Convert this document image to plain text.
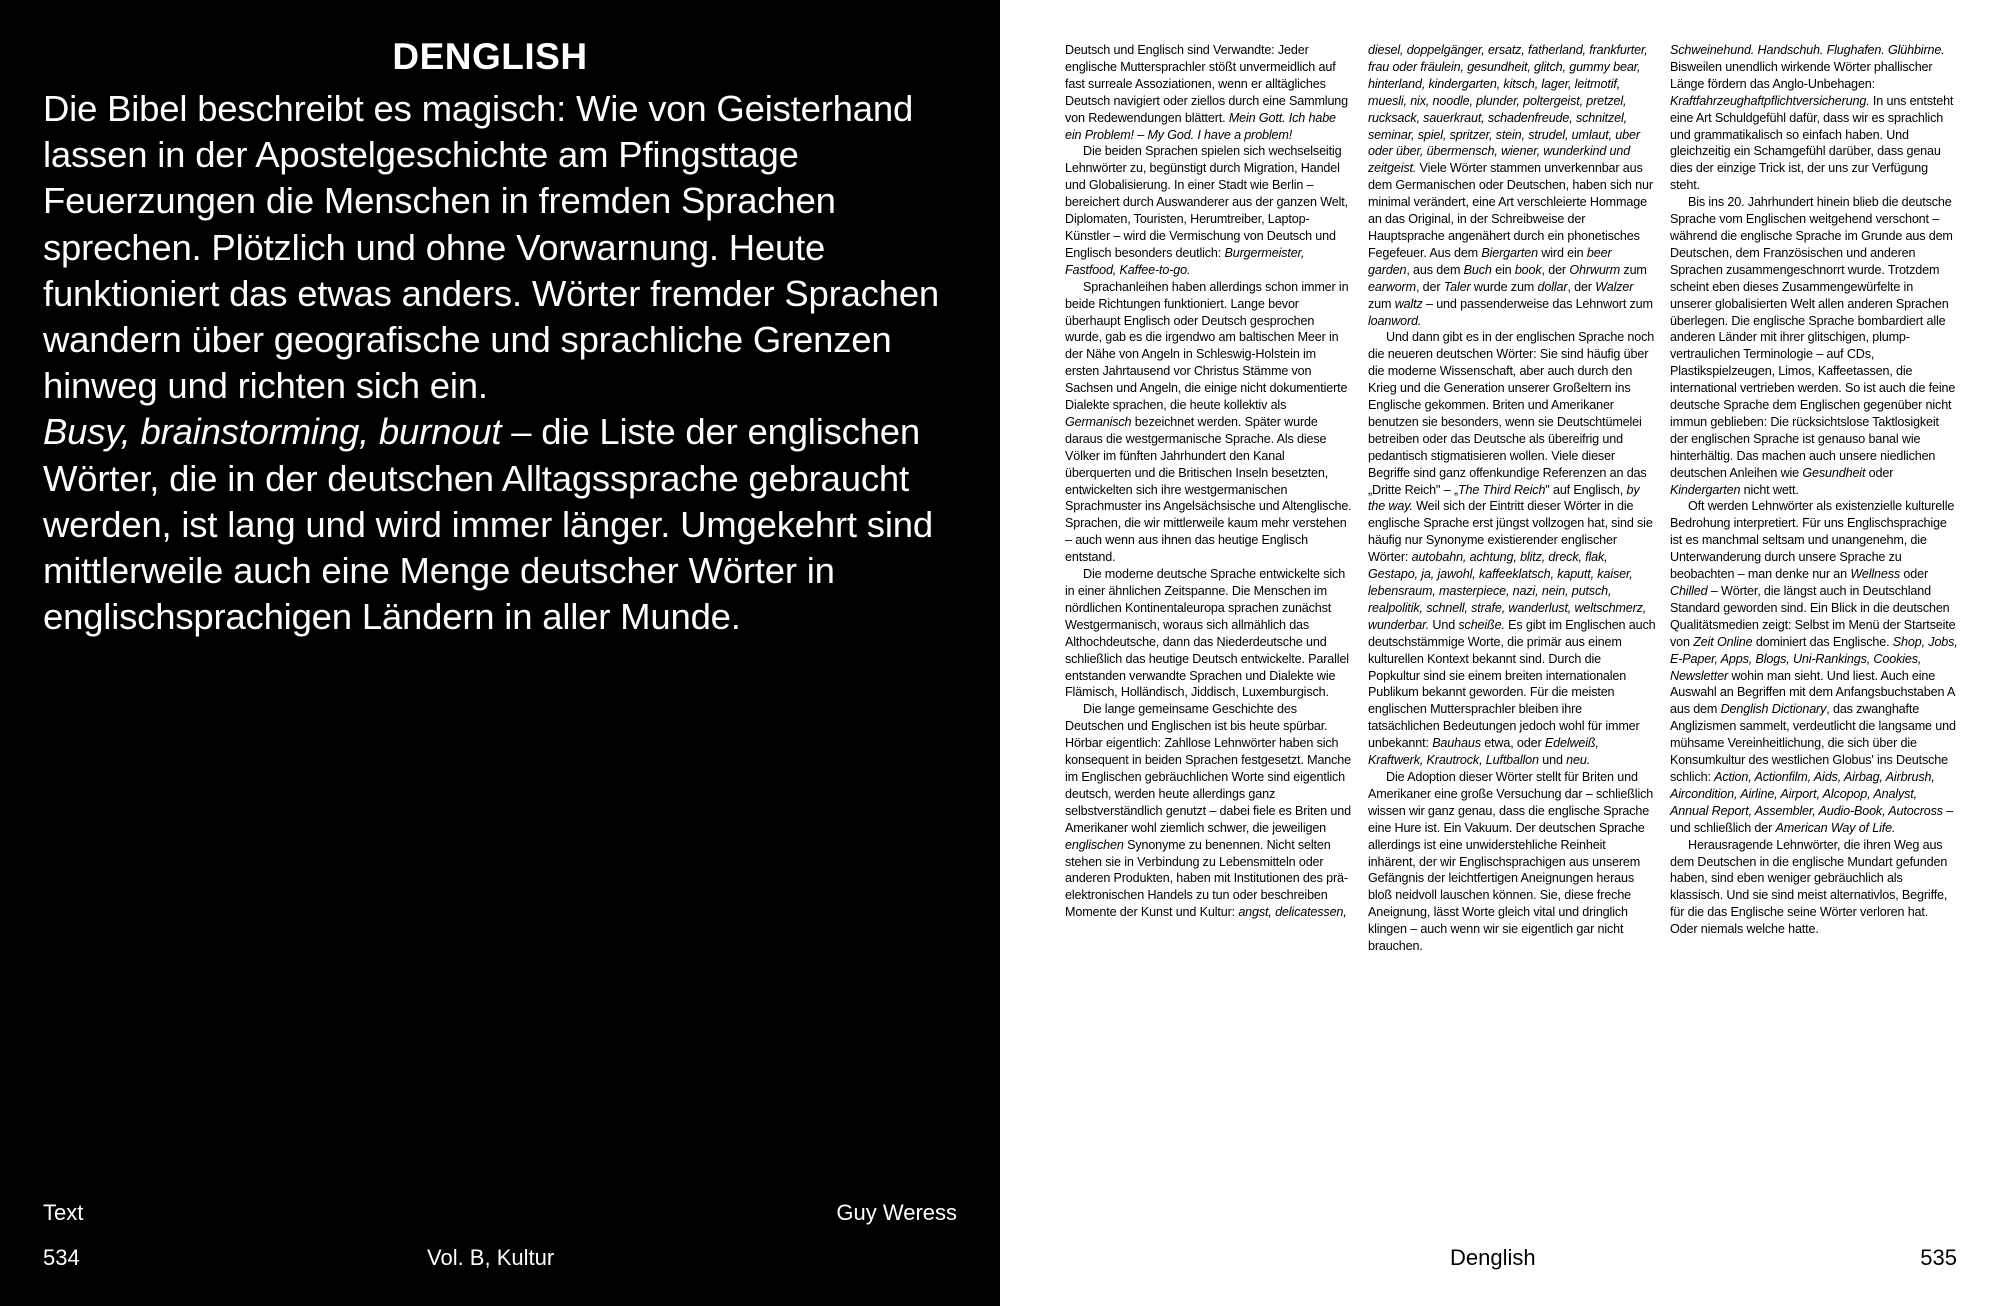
DENGLISH

Die Bibel beschreibt es magisch: Wie von Geisterhand lassen in der Apostelgeschichte am Pfingsttage Feuerzungen die Menschen in fremden Sprachen sprechen. Plötzlich und ohne Vorwarnung. Heute funktioniert das etwas anders. Wörter fremder Sprachen wandern über geografische und sprachliche Grenzen hinweg und richten sich ein.

Busy, brainstorming, burnout – die Liste der englischen Wörter, die in der deutschen Alltagssprache gebraucht werden, ist lang und wird immer länger. Umgekehrt sind mittlerweile auch eine Menge deutscher Wörter in englischsprachigen Ländern in aller Munde.

Text	Guy Weress
534	Vol. B, Kultur

Deutsch und Englisch sind Verwandte: Jeder englische Muttersprachler stößt unvermeidlich auf fast surreale Assoziationen, wenn er alltägliches Deutsch navigiert oder ziellos durch eine Sammlung von Redewendungen blättert. Mein Gott. Ich habe ein Problem! – My God. I have a problem!

Die beiden Sprachen spielen sich wechselseitig Lehnwörter zu, begünstigt durch Migration, Handel und Globalisierung. In einer Stadt wie Berlin – bereichert durch Auswanderer aus der ganzen Welt, Diplomaten, Touristen, Herumtreiber, Laptop-Künstler – wird die Vermischung von Deutsch und Englisch besonders deutlich: Burgermeister, Fastfood, Kaffee-to-go.

Sprachanleihen haben allerdings schon immer in beide Richtungen funktioniert. Lange bevor überhaupt Englisch oder Deutsch gesprochen wurde, gab es die irgendwo am baltischen Meer in der Nähe von Angeln in Schleswig-Holstein im ersten Jahrtausend vor Christus Stämme von Sachsen und Angeln, die einige nicht dokumentierte Dialekte sprachen, die heute kollektiv als Germanisch bezeichnet werden. Später wurde daraus die westgermanische Sprache. Als diese Völker im fünften Jahrhundert den Kanal überquerten und die Britischen Inseln besetzten, entwickelten sich ihre westgermanischen Sprachmuster ins Angelsächsische und Altenglische. Sprachen, die wir mittlerweile kaum mehr verstehen – auch wenn aus ihnen das heutige Englisch entstand.

Die moderne deutsche Sprache entwickelte sich in einer ähnlichen Zeitspanne. Die Menschen im nördlichen Kontinentaleuropa sprachen zunächst Westgermanisch, woraus sich allmählich das Althochdeutsche, dann das Niederdeutsche und schließlich das heutige Deutsch entwickelte. Parallel entstanden verwandte Sprachen und Dialekte wie Flämisch, Holländisch, Jiddisch, Luxemburgisch.

Die lange gemeinsame Geschichte des Deutschen und Englischen ist bis heute spürbar. Hörbar eigentlich: Zahllose Lehnwörter haben sich konsequent in beiden Sprachen festgesetzt. Manche im Englischen gebräuchlichen Worte sind eigentlich deutsch, werden heute allerdings ganz selbstverständlich genutzt – dabei fiele es Briten und Amerikaner wohl ziemlich schwer, die jeweiligen englischen Synonyme zu benennen. Nicht selten stehen sie in Verbindung zu Lebensmitteln oder anderen Produkten, haben mit Institutionen des prä-elektronischen Handels zu tun oder beschreiben Momente der Kunst und Kultur: angst, delicatessen,

diesel, doppelgänger, ersatz, fatherland, frankfurter, frau oder fräulein, gesundheit, glitch, gummy bear, hinterland, kindergarten, kitsch, lager, leitmotif, muesli, nix, noodle, plunder, poltergeist, pretzel, rucksack, sauerkraut, schadenfreude, schnitzel, seminar, spiel, spritzer, stein, strudel, umlaut, uber oder über, übermensch, wiener, wunderkind und zeitgeist. Viele Wörter stammen unverkennbar aus dem Germanischen oder Deutschen, haben sich nur minimal verändert, eine Art verschleierte Hommage an das Original, in der Schreibweise der Hauptsprache angenähert durch ein phonetisches Fegefeuer. Aus dem Biergarten wird ein beer garden, aus dem Buch ein book, der Ohrwurm zum earworm, der Taler wurde zum dollar, der Walzer zum waltz – und passenderweise das Lehnwort zum loanword.

Und dann gibt es in der englischen Sprache noch die neueren deutschen Wörter: Sie sind häufig über die moderne Wissenschaft, aber auch durch den Krieg und die Generation unserer Großeltern ins Englische gekommen. Briten und Amerikaner benutzen sie besonders, wenn sie Deutschtümelei betreiben oder das Deutsche als übereifrig und pedantisch stigmatisieren wollen. Viele dieser Begriffe sind ganz offenkundige Referenzen an das „Dritte Reich" – „The Third Reich" auf Englisch, by the way. Weil sich der Eintritt dieser Wörter in die englische Sprache erst jüngst vollzogen hat, sind sie häufig nur Synonyme existierender englischer Wörter: autobahn, achtung, blitz, dreck, flak, Gestapo, ja, jawohl, kaffeeklatsch, kaputt, kaiser, lebensraum, masterpiece, nazi, nein, putsch, realpolitik, schnell, strafe, wanderlust, weltschmerz, wunderbar. Und scheiße. Es gibt im Englischen auch deutschstämmige Worte, die primär aus einem kulturellen Kontext bekannt sind. Durch die Popkultur sind sie einem breiten internationalen Publikum bekannt geworden. Für die meisten englischen Muttersprachler bleiben ihre tatsächlichen Bedeutungen jedoch wohl für immer unbekannt: Bauhaus etwa, oder Edelweiß, Kraftwerk, Krautrock, Luftballon und neu.

Die Adoption dieser Wörter stellt für Briten und Amerikaner eine große Versuchung dar – schließlich wissen wir ganz genau, dass die englische Sprache eine Hure ist. Ein Vakuum. Der deutschen Sprache allerdings ist eine unwiderstehliche Reinheit inhärent, der wir Englischsprachigen aus unserem Gefängnis der leichtfertigen Aneignungen heraus bloß neidvoll lauschen können. Sie, diese freche Aneignung, lässt Worte gleich vital und dringlich klingen – auch wenn wir sie eigentlich gar nicht brauchen.

Schweinehund. Handschuh. Flughafen. Glühbirne. Bisweilen unendlich wirkende Wörter phallischer Länge fördern das Anglo-Unbehagen: Kraftfahrzeughaftpflichtversicherung. In uns entsteht eine Art Schuldgefühl dafür, dass wir es sprachlich und grammatikalisch so einfach haben. Und gleichzeitig ein Schamgefühl darüber, dass genau dies der einzige Trick ist, der uns zur Verfügung steht.

Bis ins 20. Jahrhundert hinein blieb die deutsche Sprache vom Englischen weitgehend verschont – während die englische Sprache im Grunde aus dem Deutschen, dem Französischen und anderen Sprachen zusammengeschnorrt wurde. Trotzdem scheint eben dieses Zusammengewürfelte in unserer globalisierten Welt allen anderen Sprachen überlegen. Die englische Sprache bombardiert alle anderen Länder mit ihrer glitschigen, plump-vertraulichen Terminologie – auf CDs, Plastikspielzeugen, Limos, Kaffeetassen, die international vertrieben werden. So ist auch die feine deutsche Sprache dem Englischen gegenüber nicht immun geblieben: Die rücksichtslose Taktlosigkeit der englischen Sprache ist genauso banal wie hinterhältig. Das machen auch unsere niedlichen deutschen Anleihen wie Gesundheit oder Kindergarten nicht wett.

Oft werden Lehnwörter als existenzielle kulturelle Bedrohung interpretiert. Für uns Englischsprachige ist es manchmal seltsam und unangenehm, die Unterwanderung durch unsere Sprache zu beobachten – man denke nur an Wellness oder Chilled – Wörter, die längst auch in Deutschland Standard geworden sind. Ein Blick in die deutschen Qualitätsmedien zeigt: Selbst im Menü der Startseite von Zeit Online dominiert das Englische. Shop, Jobs, E-Paper, Apps, Blogs, Uni-Rankings, Cookies, Newsletter wohin man sieht. Und liest. Auch eine Auswahl an Begriffen mit dem Anfangsbuchstaben A aus dem Denglish Dictionary, das zwanghafte Anglizismen sammelt, verdeutlicht die langsame und mühsame Vereinheitlichung, die sich über die Konsumkultur des westlichen Globus' ins Deutsche schlich: Action, Actionfilm, Aids, Airbag, Airbrush, Aircondition, Airline, Airport, Alcopop, Analyst, Annual Report, Assembler, Audio-Book, Autocross – und schließlich der American Way of Life.

Herausragende Lehnwörter, die ihren Weg aus dem Deutschen in die englische Mundart gefunden haben, sind eben weniger gebräuchlich als klassisch. Und sie sind meist alternativlos, Begriffe, für die das Englische seine Wörter verloren hat. Oder niemals welche hatte.

Denglish	535
